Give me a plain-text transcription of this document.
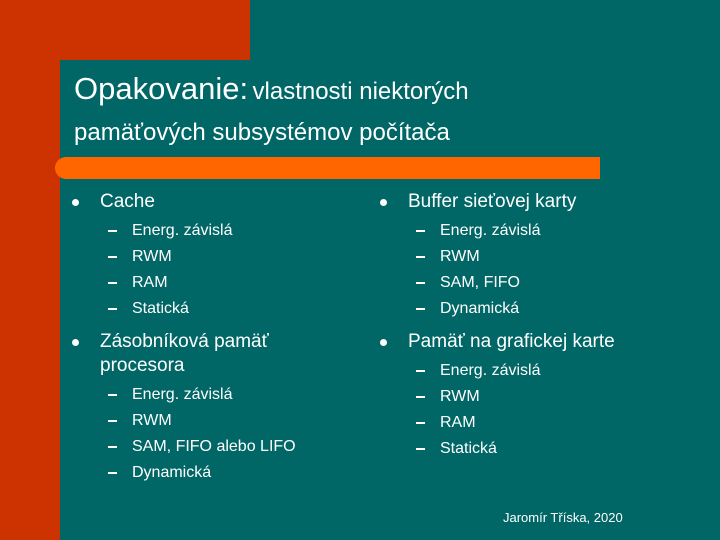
Opakovanie: vlastnosti niektorých
pamäťových subsystémov počítača
Cache
Energ. závislá
RWM
RAM
Statická
Zásobníková pamäť procesora
Energ. závislá
RWM
SAM, FIFO alebo LIFO
Dynamická
Buffer sieťovej karty
Energ. závislá
RWM
SAM, FIFO
Dynamická
Pamäť na grafickej karte
Energ. závislá
RWM
RAM
Statická
Jaromír Tříska, 2020
